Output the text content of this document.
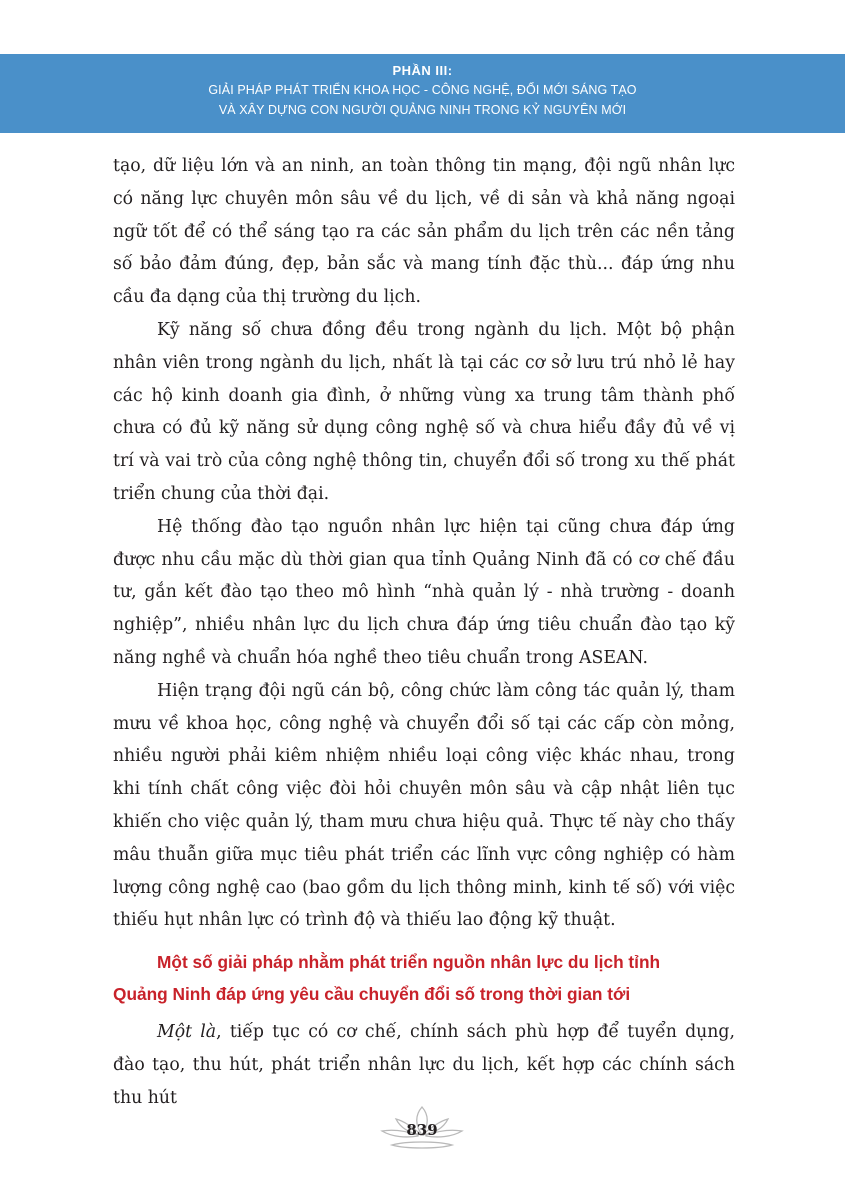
PHẦN III:
GIẢI PHÁP PHÁT TRIỂN KHOA HỌC - CÔNG NGHỆ, ĐỔI MỚI SÁNG TẠO
VÀ XÂY DỰNG CON NGƯỜI QUẢNG NINH TRONG KỶ NGUYÊN MỚI

tạo, dữ liệu lớn và an ninh, an toàn thông tin mạng, đội ngũ nhân lực có năng lực chuyên môn sâu về du lịch, về di sản và khả năng ngoại ngữ tốt để có thể sáng tạo ra các sản phẩm du lịch trên các nền tảng số bảo đảm đúng, đẹp, bản sắc và mang tính đặc thù... đáp ứng nhu cầu đa dạng của thị trường du lịch.

Kỹ năng số chưa đồng đều trong ngành du lịch. Một bộ phận nhân viên trong ngành du lịch, nhất là tại các cơ sở lưu trú nhỏ lẻ hay các hộ kinh doanh gia đình, ở những vùng xa trung tâm thành phố chưa có đủ kỹ năng sử dụng công nghệ số và chưa hiểu đầy đủ về vị trí và vai trò của công nghệ thông tin, chuyển đổi số trong xu thế phát triển chung của thời đại.

Hệ thống đào tạo nguồn nhân lực hiện tại cũng chưa đáp ứng được nhu cầu mặc dù thời gian qua tỉnh Quảng Ninh đã có cơ chế đầu tư, gắn kết đào tạo theo mô hình “nhà quản lý - nhà trường - doanh nghiệp”, nhiều nhân lực du lịch chưa đáp ứng tiêu chuẩn đào tạo kỹ năng nghề và chuẩn hóa nghề theo tiêu chuẩn trong ASEAN.

Hiện trạng đội ngũ cán bộ, công chức làm công tác quản lý, tham mưu về khoa học, công nghệ và chuyển đổi số tại các cấp còn mỏng, nhiều người phải kiêm nhiệm nhiều loại công việc khác nhau, trong khi tính chất công việc đòi hỏi chuyên môn sâu và cập nhật liên tục khiến cho việc quản lý, tham mưu chưa hiệu quả. Thực tế này cho thấy mâu thuẫn giữa mục tiêu phát triển các lĩnh vực công nghiệp có hàm lượng công nghệ cao (bao gồm du lịch thông minh, kinh tế số) với việc thiếu hụt nhân lực có trình độ và thiếu lao động kỹ thuật.

Một số giải pháp nhằm phát triển nguồn nhân lực du lịch tỉnh
Quảng Ninh đáp ứng yêu cầu chuyển đổi số trong thời gian tới

Một là, tiếp tục có cơ chế, chính sách phù hợp để tuyển dụng, đào tạo, thu hút, phát triển nhân lực du lịch, kết hợp các chính sách thu hút

839
